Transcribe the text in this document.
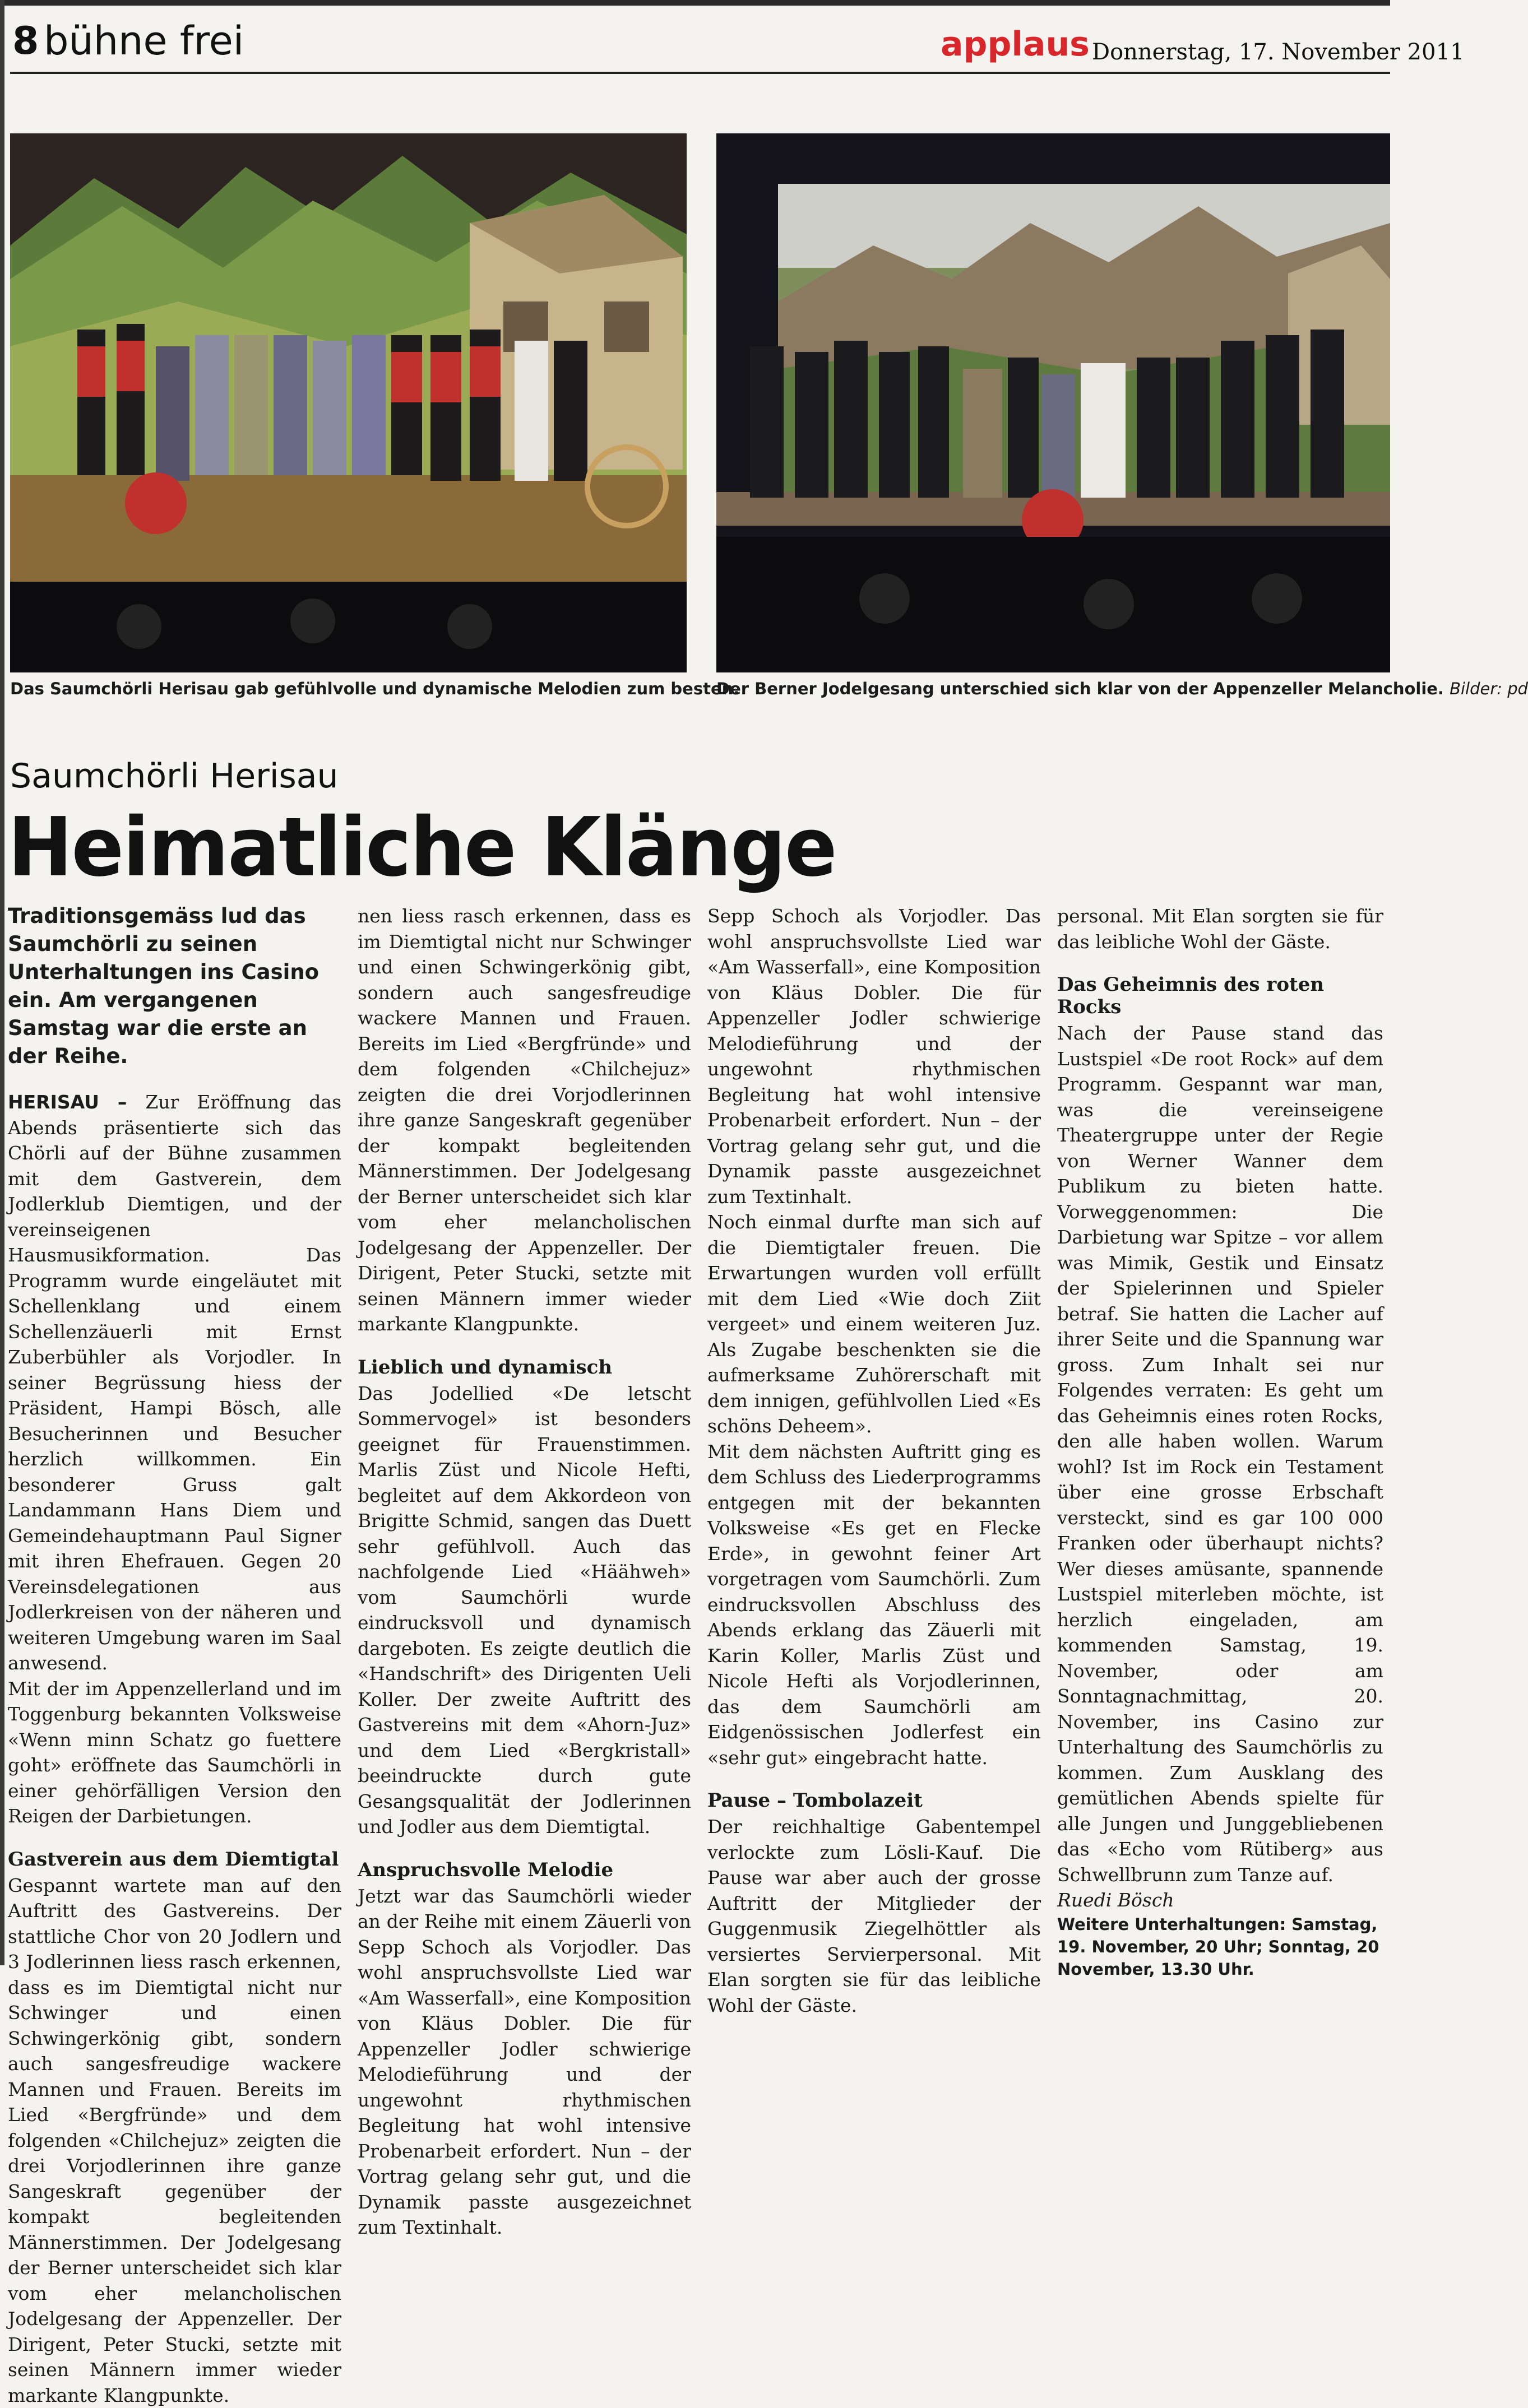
8 bühne frei	applaus Donnerstag, 17. November 2011
Das Saumchörli Herisau gab gefühlvolle und dynamische Melodien zum besten.
Der Berner Jodelgesang unterschied sich klar von der Appenzeller Melancholie. Bilder: pd
Saumchörli Herisau
Heimatliche Klänge

Traditionsgemäss lud das Saumchörli zu seinen Unterhaltungen ins Casino ein. Am vergangenen Samstag war die erste an der Reihe.

HERISAU – Zur Eröffnung das Abends präsentierte sich das Chörli auf der Bühne zusammen mit dem Gastverein, dem Jodlerklub Diemtigen, und der vereinseigenen Hausmusikformation. Das Programm wurde eingeläutet mit Schellenklang und einem Schellenzäuerli mit Ernst Zuberbühler als Vorjodler. In seiner Begrüssung hiess der Präsident, Hampi Bösch, alle Besucherinnen und Besucher herzlich willkommen. Ein besonderer Gruss galt Landammann Hans Diem und Gemeindehauptmann Paul Signer mit ihren Ehefrauen. Gegen 20 Vereinsdelegationen aus Jodlerkreisen von der näheren und weiteren Umgebung waren im Saal anwesend.

Mit der im Appenzellerland und im Toggenburg bekannten Volksweise «Wenn minn Schatz go fuettere goht» eröffnete das Saumchörli in einer gehörfälligen Version den Reigen der Darbietungen.

Gastverein aus dem Diemtigtal

Gespannt wartete man auf den Auftritt des Gastvereins. Der stattliche Chor von 20 Jodlern und 3 Jodlerinnen liess rasch erkennen, dass es im Diemtigtal nicht nur Schwinger und einen Schwingerkönig gibt, sondern auch sangesfreudige wackere Mannen und Frauen. Bereits im Lied «Bergfründe» und dem folgenden «Chilchejuz» zeigten die drei Vorjodlerinnen ihre ganze Sangeskraft gegenüber der kompakt begleitenden Männerstimmen. Der Jodelgesang der Berner unterscheidet sich klar vom eher melancholischen Jodelgesang der Appenzeller. Der Dirigent, Peter Stucki, setzte mit seinen Männern immer wieder markante Klangpunkte.

nen liess rasch erkennen, dass es im Diemtigtal nicht nur Schwinger und einen Schwingerkönig gibt, sondern auch sangesfreudige wackere Mannen und Frauen. Bereits im Lied «Bergfründe» und dem folgenden «Chilchejuz» zeigten die drei Vorjodlerinnen ihre ganze Sangeskraft gegenüber der kompakt begleitenden Männerstimmen. Der Jodelgesang der Berner unterscheidet sich klar vom eher melancholischen Jodelgesang der Appenzeller. Der Dirigent, Peter Stucki, setzte mit seinen Männern immer wieder markante Klangpunkte.

Lieblich und dynamisch

Das Jodellied «De letscht Sommervogel» ist besonders geeignet für Frauenstimmen. Marlis Züst und Nicole Hefti, begleitet auf dem Akkordeon von Brigitte Schmid, sangen das Duett sehr gefühlvoll. Auch das nachfolgende Lied «Häähweh» vom Saumchörli wurde eindrucksvoll und dynamisch dargeboten. Es zeigte deutlich die «Handschrift» des Dirigenten Ueli Koller. Der zweite Auftritt des Gastvereins mit dem «Ahorn-Juz» und dem Lied «Bergkristall» beeindruckte durch gute Gesangsqualität der Jodlerinnen und Jodler aus dem Diemtigtal.

Anspruchsvolle Melodie

Jetzt war das Saumchörli wieder an der Reihe mit einem Zäuerli von Sepp Schoch als Vorjodler. Das wohl anspruchsvollste Lied war «Am Wasserfall», eine Komposition von Kläus Dobler. Die für Appenzeller Jodler schwierige Melodieführung und der ungewohnt rhythmischen Begleitung hat wohl intensive Probenarbeit erfordert. Nun – der Vortrag gelang sehr gut, und die Dynamik passte ausgezeichnet zum Textinhalt.

Sepp Schoch als Vorjodler. Das wohl anspruchsvollste Lied war «Am Wasserfall», eine Komposition von Kläus Dobler. Die für Appenzeller Jodler schwierige Melodieführung und der ungewohnt rhythmischen Begleitung hat wohl intensive Probenarbeit erfordert. Nun – der Vortrag gelang sehr gut, und die Dynamik passte ausgezeichnet zum Textinhalt.

Noch einmal durfte man sich auf die Diemtigtaler freuen. Die Erwartungen wurden voll erfüllt mit dem Lied «Wie doch Ziit vergeet» und einem weiteren Juz. Als Zugabe beschenkten sie die aufmerksame Zuhörerschaft mit dem innigen, gefühlvollen Lied «Es schöns Deheem».

Mit dem nächsten Auftritt ging es dem Schluss des Liederprogramms entgegen mit der bekannten Volksweise «Es get en Flecke Erde», in gewohnt feiner Art vorgetragen vom Saumchörli. Zum eindrucksvollen Abschluss des Abends erklang das Zäuerli mit Karin Koller, Marlis Züst und Nicole Hefti als Vorjodlerinnen, das dem Saumchörli am Eidgenössischen Jodlerfest ein «sehr gut» eingebracht hatte.

Pause – Tombolazeit

Der reichhaltige Gabentempel verlockte zum Lösli-Kauf. Die Pause war aber auch der grosse Auftritt der Mitglieder der Guggenmusik Ziegelhöttler als versiertes Servierpersonal. Mit Elan sorgten sie für das leibliche Wohl der Gäste.

personal. Mit Elan sorgten sie für das leibliche Wohl der Gäste.

Das Geheimnis des roten Rocks

Nach der Pause stand das Lustspiel «De root Rock» auf dem Programm. Gespannt war man, was die vereinseigene Theatergruppe unter der Regie von Werner Wanner dem Publikum zu bieten hatte. Vorweggenommen: Die Darbietung war Spitze – vor allem was Mimik, Gestik und Einsatz der Spielerinnen und Spieler betraf. Sie hatten die Lacher auf ihrer Seite und die Spannung war gross. Zum Inhalt sei nur Folgendes verraten: Es geht um das Geheimnis eines roten Rocks, den alle haben wollen. Warum wohl? Ist im Rock ein Testament über eine grosse Erbschaft versteckt, sind es gar 100 000 Franken oder überhaupt nichts? Wer dieses amüsante, spannende Lustspiel miterleben möchte, ist herzlich eingeladen, am kommenden Samstag, 19. November, oder am Sonntagnachmittag, 20. November, ins Casino zur Unterhaltung des Saumchörlis zu kommen. Zum Ausklang des gemütlichen Abends spielte für alle Jungen und Junggebliebenen das «Echo vom Rütiberg» aus Schwellbrunn zum Tanze auf.

Ruedi Bösch

Weitere Unterhaltungen: Samstag, 19. November, 20 Uhr; Sonntag, 20 November, 13.30 Uhr.
